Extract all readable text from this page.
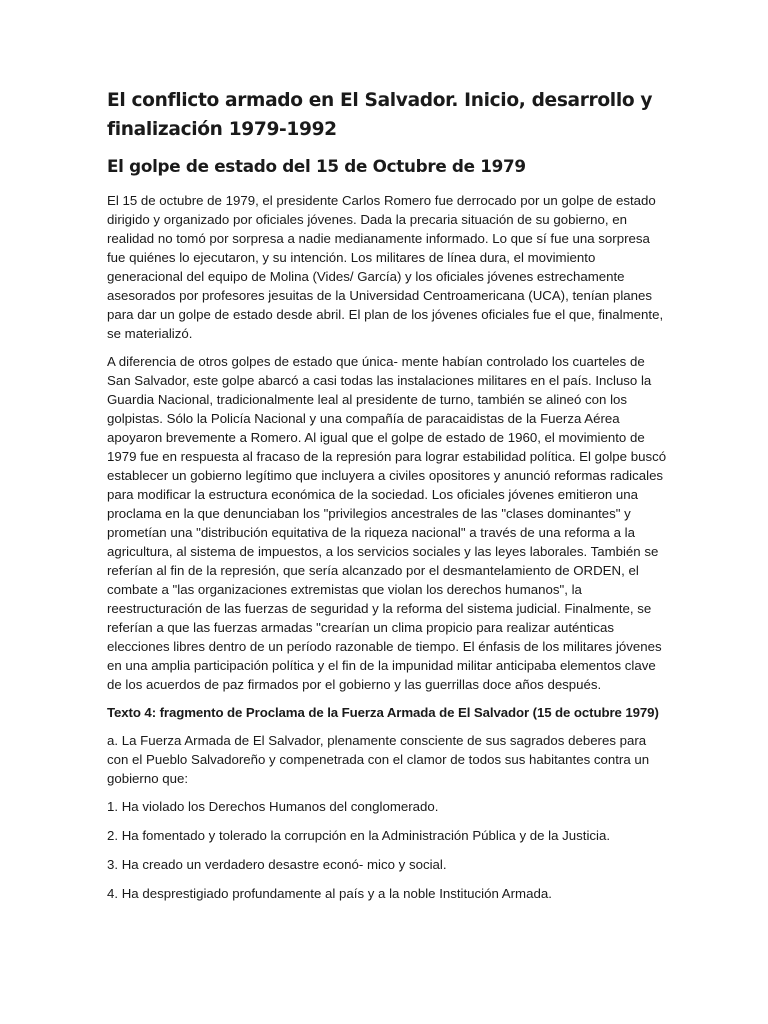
El conflicto armado en El Salvador. Inicio, desarrollo y finalización 1979-1992
El golpe de estado del 15 de Octubre de 1979

El 15 de octubre de 1979, el presidente Carlos Romero fue derrocado por un golpe de estado dirigido y organizado por oficiales jóvenes. Dada la precaria situación de su gobierno, en realidad no tomó por sorpresa a nadie medianamente informado. Lo que sí fue una sorpresa fue quiénes lo ejecutaron, y su intención. Los militares de línea dura, el movimiento generacional del equipo de Molina (Vides/ García) y los oficiales jóvenes estrechamente asesorados por profesores jesuitas de la Universidad Centroamericana (UCA), tenían planes para dar un golpe de estado desde abril. El plan de los jóvenes oficiales fue el que, finalmente, se materializó.

A diferencia de otros golpes de estado que única- mente habían controlado los cuarteles de San Salvador, este golpe abarcó a casi todas las instalaciones militares en el país. Incluso la Guardia Nacional, tradicionalmente leal al presidente de turno, también se alineó con los golpistas. Sólo la Policía Nacional y una compañía de paracaidistas de la Fuerza Aérea apoyaron brevemente a Romero. Al igual que el golpe de estado de 1960, el movimiento de 1979 fue en respuesta al fracaso de la represión para lograr estabilidad política. El golpe buscó establecer un gobierno legítimo que incluyera a civiles opositores y anunció reformas radicales para modificar la estructura económica de la sociedad. Los oficiales jóvenes emitieron una proclama en la que denunciaban los "privilegios ancestrales de las "clases dominantes" y prometían una "distribución equitativa de la riqueza nacional" a través de una reforma a la agricultura, al sistema de impuestos, a los servicios sociales y las leyes laborales. También se referían al fin de la represión, que sería alcanzado por el desmantelamiento de ORDEN, el combate a "las organizaciones extremistas que violan los derechos humanos", la reestructuración de las fuerzas de seguridad y la reforma del sistema judicial. Finalmente, se referían a que las fuerzas armadas "crearían un clima propicio para realizar auténticas elecciones libres dentro de un período razonable de tiempo. El énfasis de los militares jóvenes en una amplia participación política y el fin de la impunidad militar anticipaba elementos clave de los acuerdos de paz firmados por el gobierno y las guerrillas doce años después.

Texto 4: fragmento de Proclama de la Fuerza Armada de El Salvador (15 de octubre 1979)

a. La Fuerza Armada de El Salvador, plenamente consciente de sus sagrados deberes para con el Pueblo Salvadoreño y compenetrada con el clamor de todos sus habitantes contra un gobierno que:

1. Ha violado los Derechos Humanos del conglomerado.

2. Ha fomentado y tolerado la corrupción en la Administración Pública y de la Justicia.

3. Ha creado un verdadero desastre econó- mico y social.

4. Ha desprestigiado profundamente al país y a la noble Institución Armada.
